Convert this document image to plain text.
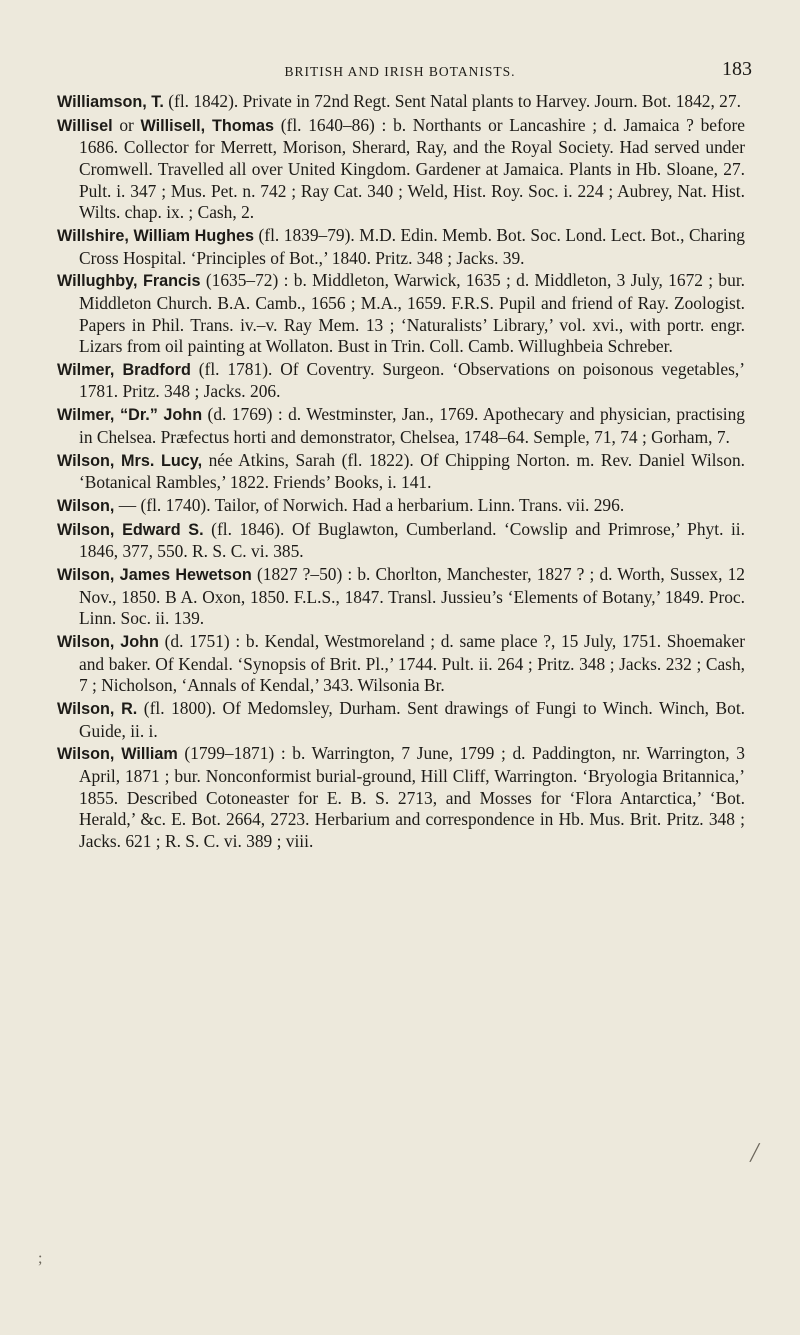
BRITISH AND IRISH BOTANISTS.	183

Williamson, T. (fl. 1842). Private in 72nd Regt. Sent Natal plants to Harvey. Journ. Bot. 1842, 27.

Willisel or Willisell, Thomas (fl. 1640–86) : b. Northants or Lancashire ; d. Jamaica ? before 1686. Collector for Merrett, Morison, Sherard, Ray, and the Royal Society. Had served under Cromwell. Travelled all over United Kingdom. Gardener at Jamaica. Plants in Hb. Sloane, 27. Pult. i. 347 ; Mus. Pet. n. 742 ; Ray Cat. 340 ; Weld, Hist. Roy. Soc. i. 224 ; Aubrey, Nat. Hist. Wilts. chap. ix. ; Cash, 2.

Willshire, William Hughes (fl. 1839–79). M.D. Edin. Memb. Bot. Soc. Lond. Lect. Bot., Charing Cross Hospital. ‘Principles of Bot.,’ 1840. Pritz. 348 ; Jacks. 39.

Willughby, Francis (1635–72) : b. Middleton, Warwick, 1635 ; d. Middleton, 3 July, 1672 ; bur. Middleton Church. B.A. Camb., 1656 ; M.A., 1659. F.R.S. Pupil and friend of Ray. Zoologist. Papers in Phil. Trans. iv.–v. Ray Mem. 13 ; ‘Naturalists’ Library,’ vol. xvi., with portr. engr. Lizars from oil painting at Wollaton. Bust in Trin. Coll. Camb. Willughbeia Schreber.

Wilmer, Bradford (fl. 1781). Of Coventry. Surgeon. ‘Observations on poisonous vegetables,’ 1781. Pritz. 348 ; Jacks. 206.

Wilmer, “Dr.” John (d. 1769) : d. Westminster, Jan., 1769. Apothecary and physician, practising in Chelsea. Præfectus horti and demonstrator, Chelsea, 1748–64. Semple, 71, 74 ; Gorham, 7.

Wilson, Mrs. Lucy, née Atkins, Sarah (fl. 1822). Of Chipping Norton. m. Rev. Daniel Wilson. ‘Botanical Rambles,’ 1822. Friends’ Books, i. 141.

Wilson, — (fl. 1740). Tailor, of Norwich. Had a herbarium. Linn. Trans. vii. 296.

Wilson, Edward S. (fl. 1846). Of Buglawton, Cumberland. ‘Cowslip and Primrose,’ Phyt. ii. 1846, 377, 550. R. S. C. vi. 385.

Wilson, James Hewetson (1827 ?–50) : b. Chorlton, Manchester, 1827 ? ; d. Worth, Sussex, 12 Nov., 1850. B A. Oxon, 1850. F.L.S., 1847. Transl. Jussieu’s ‘Elements of Botany,’ 1849. Proc. Linn. Soc. ii. 139.

Wilson, John (d. 1751) : b. Kendal, Westmoreland ; d. same place ?, 15 July, 1751. Shoemaker and baker. Of Kendal. ‘Synopsis of Brit. Pl.,’ 1744. Pult. ii. 264 ; Pritz. 348 ; Jacks. 232 ; Cash, 7 ; Nicholson, ‘Annals of Kendal,’ 343. Wilsonia Br.

Wilson, R. (fl. 1800). Of Medomsley, Durham. Sent drawings of Fungi to Winch. Winch, Bot. Guide, ii. i.

Wilson, William (1799–1871) : b. Warrington, 7 June, 1799 ; d. Paddington, nr. Warrington, 3 April, 1871 ; bur. Nonconformist burial-ground, Hill Cliff, Warrington. ‘Bryologia Britannica,’ 1855. Described Cotoneaster for E. B. S. 2713, and Mosses for ‘Flora Antarctica,’ ‘Bot. Herald,’ &c. E. Bot. 2664, 2723. Herbarium and correspondence in Hb. Mus. Brit. Pritz. 348 ; Jacks. 621 ; R. S. C. vi. 389 ; viii.

╱
;
